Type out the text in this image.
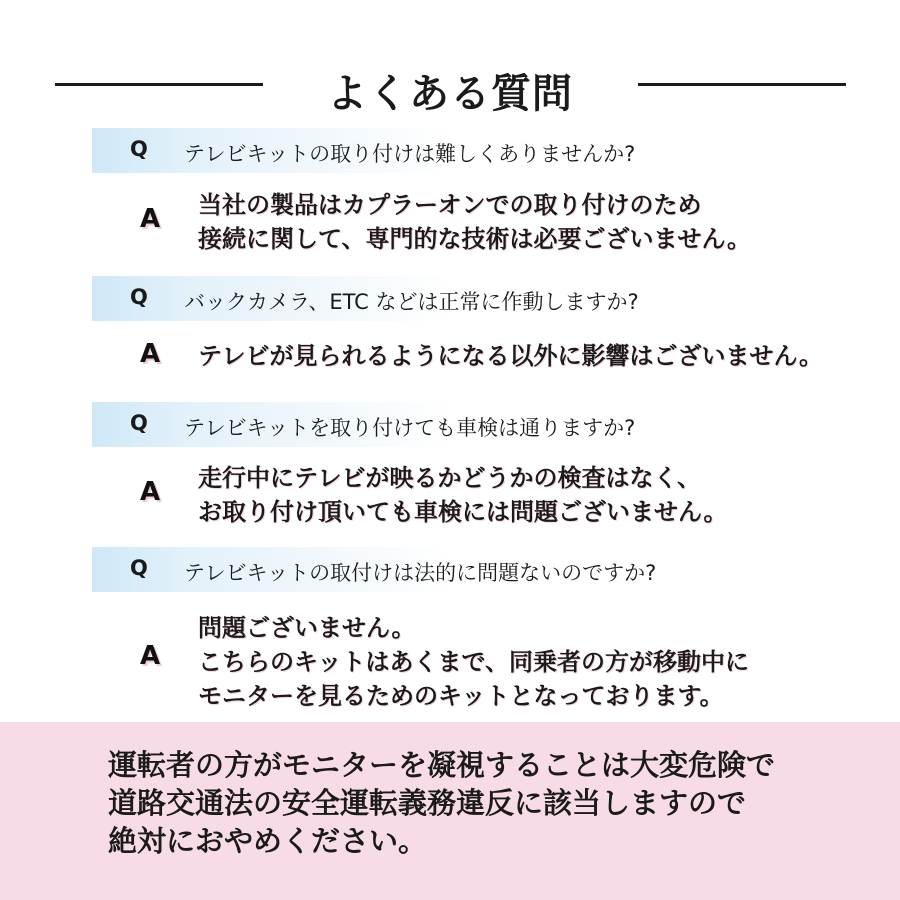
よくある質問
Q テレビキットの取り付けは難しくありませんか?
A 当社の製品はカプラーオンでの取り付けのため
接続に関して、専門的な技術は必要ございません。
Q バックカメラ、ETC などは正常に作動しますか?
A テレビが見られるようになる以外に影響はございません。
Q テレビキットを取り付けても車検は通りますか?
A 走行中にテレビが映るかどうかの検査はなく、
お取り付け頂いても車検には問題ございません。
Q テレビキットの取付けは法的に問題ないのですか?
A
問題ございません。
こちらのキットはあくまで、同乗者の方が移動中に
モニターを見るためのキットとなっております。
運転者の方がモニターを凝視することは大変危険で
道路交通法の安全運転義務違反に該当しますので
絶対におやめください。
